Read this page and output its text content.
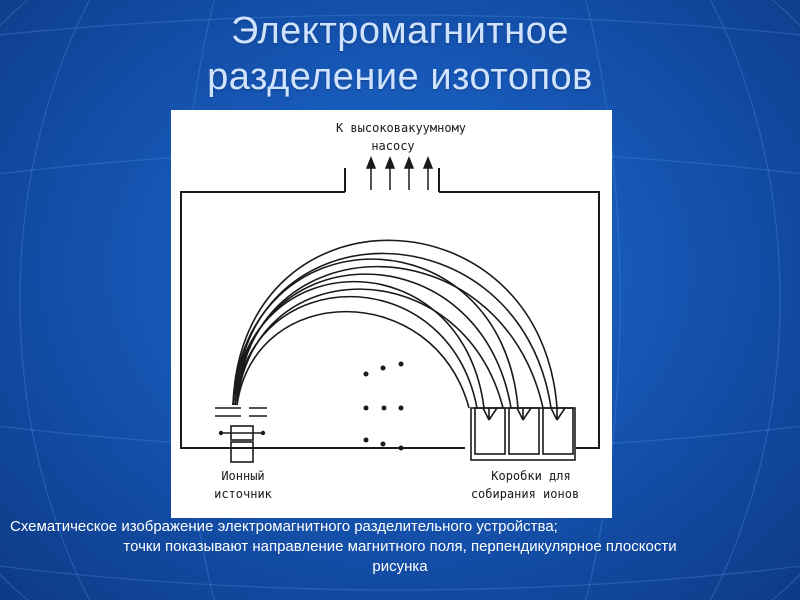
Электромагнитное
разделение изотопов
К высоковакуумному
насосу
Ионный
источник
Коробки для
собирания ионов
Схематическое изображение электромагнитного разделительного устройства;
точки показывают направление магнитного поля, перпендикулярное плоскости
рисунка
